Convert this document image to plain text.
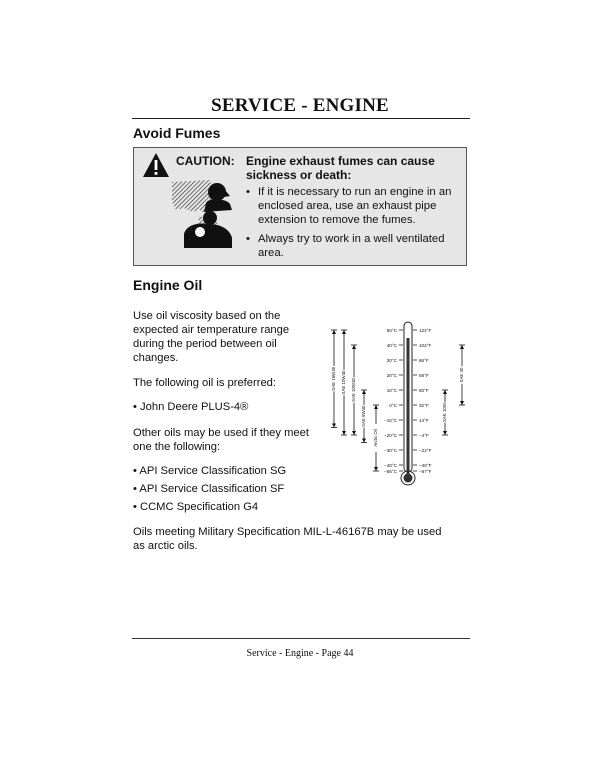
SERVICE - ENGINE
Avoid Fumes
CAUTION: Engine exhaust fumes can cause
sickness or death:
• If it is necessary to run an engine in an
enclosed area, use an exhaust pipe
extension to remove the fumes.
• Always try to work in a well ventilated
area.
Engine Oil
Use oil viscosity based on the
expected air temperature range
during the period between oil
changes.
The following oil is preferred:
• John Deere PLUS-4®
Other oils may be used if they meet
one the following:
• API Service Classification SG
• API Service Classification SF
• CCMC Specification G4
Oils meeting Military Specification MIL-L-46167B may be used
as arctic oils.
50°C	122°F
40°C	104°F
30°C	86°F
20°C	68°F
10°C	50°F
0°C	32°F
−10°C	14°F
−20°C	−4°F
−30°C	−22°F
−40°C	−40°F
−55°C	−67°F
SAE 15W40 SAE 10W40 SAE 10W30
SAE 5W30
Arctic Oil
SAE 10W
SAE 30
Service - Engine - Page 44
